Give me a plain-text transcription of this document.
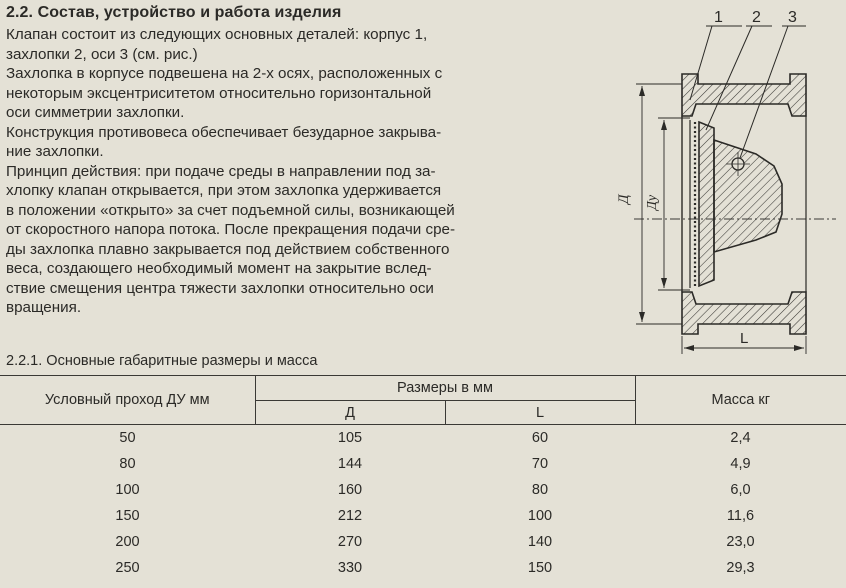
2.2. Состав, устройство и работа изделия

Клапан состоит из следующих основных деталей: корпус 1,
захлопки 2, оси 3 (см. рис.)

Захлопка в корпусе подвешена на 2-х осях, расположенных с
некоторым эксцентриситетом относительно горизонтальной
оси симметрии захлопки.

Конструкция противовеса обеспечивает безударное закрыва-
ние захлопки.

Принцип действия: при подаче среды в направлении под за-
хлопку клапан открывается, при этом захлопка удерживается
в положении «открыто» за счет подъемной силы, возникающей
от скоростного напора потока. После прекращения подачи сре-
ды захлопка плавно закрывается под действием собственного
веса, создающего необходимый момент на закрытие вслед-
ствие смещения центра тяжести захлопки относительно оси
вращения.

Д Ду
L
1 2 3
2.2.1. Основные габаритные размеры и масса
Условный проход ДУ мм	Размеры в мм		Масса кг
	Д	L	
50	105	60	2,4
80	144	70	4,9
100	160	80	6,0
150	212	100	11,6
200	270	140	23,0
250	330	150	29,3
